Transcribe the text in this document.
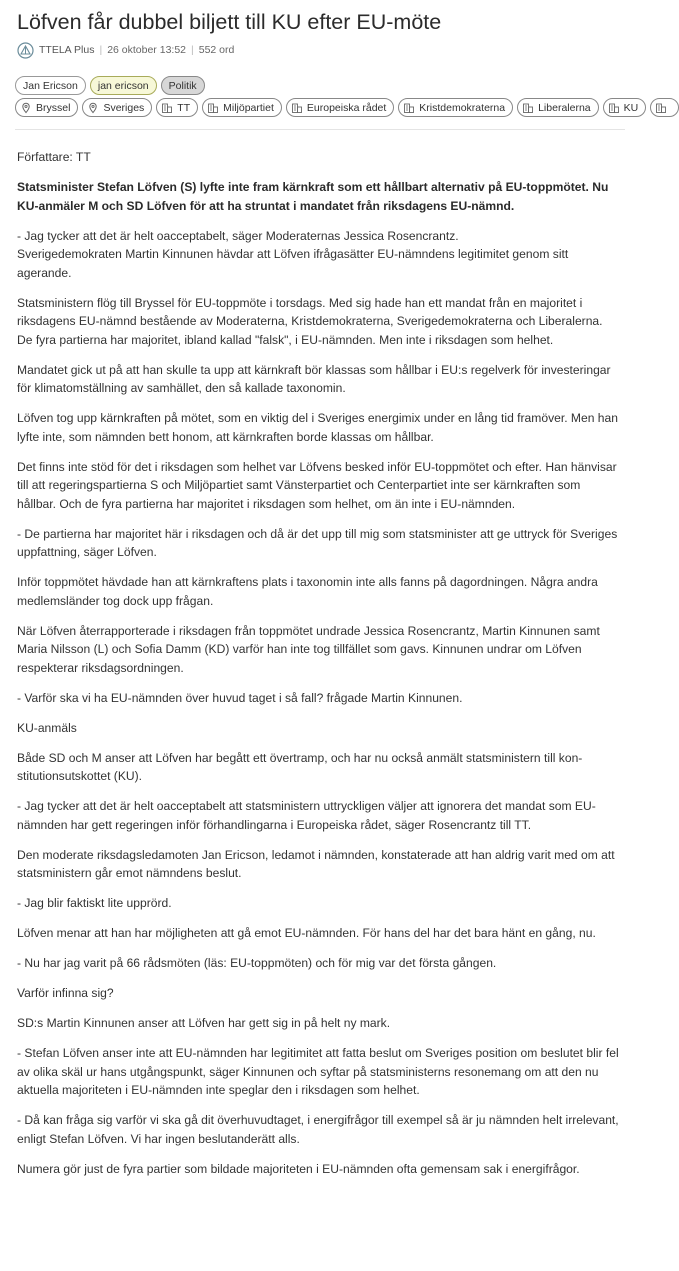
Löfven får dubbel biljett till KU efter EU-möte
TTELA Plus | 26 oktober 13:52 | 552 ord
Jan Ericson jan ericson Politik
Bryssel	Sveriges	TT	Miljöpartiet	Europeiska rådet	Kristdemokraterna	Liberalerna	KU
Författare: TT

Statsminister Stefan Löfven (S) lyfte inte fram kärnkraft som ett hållbart alternativ på EU-toppmötet. Nu KU-anmäler M och SD Löfven för att ha struntat i mandatet från riksdagens EU-nämnd.

- Jag tycker att det är helt oacceptabelt, säger Moderaternas Jessica Rosencrantz.
Sverigedemokraten Martin Kinnunen hävdar att Löfven ifrågasätter EU-nämndens legitimitet genom sitt agerande.

Statsministern flög till Bryssel för EU-toppmöte i torsdags. Med sig hade han ett mandat från en majoritet i riksdagens EU-nämnd bestående av Moderaterna, Kristdemokraterna, Sverigedemokraterna och Liberalerna. De fyra partierna har majoritet, ibland kallad "falsk", i EU-nämnden. Men inte i riksdagen som helhet.

Mandatet gick ut på att han skulle ta upp att kärnkraft bör klassas som hållbar i EU:s regelverk för investeringar för klimatomställning av samhället, den så kallade taxonomin.

Löfven tog upp kärnkraften på mötet, som en viktig del i Sveriges energimix under en lång tid framöver. Men han lyfte inte, som nämnden bett honom, att kärnkraften borde klassas om hållbar.

Det finns inte stöd för det i riksdagen som helhet var Löfvens besked inför EU-toppmötet och efter. Han hänvisar till att regeringspartierna S och Miljöpartiet samt Vänsterpartiet och Centerpartiet inte ser kärnkraften som hållbar. Och de fyra partierna har majoritet i riksdagen som helhet, om än inte i EU-nämnden.

- De partierna har majoritet här i riksdagen och då är det upp till mig som statsminister att ge uttryck för Sveriges uppfattning, säger Löfven.

Inför toppmötet hävdade han att kärnkraftens plats i taxonomin inte alls fanns på dagordningen. Några andra medlemsländer tog dock upp frågan.

När Löfven återrapporterade i riksdagen från toppmötet undrade Jessica Rosencrantz, Martin Kinnunen samt Maria Nilsson (L) och Sofia Damm (KD) varför han inte tog tillfället som gavs. Kinnunen undrar om Löfven respekterar riksdagsordningen.

- Varför ska vi ha EU-nämnden över huvud taget i så fall? frågade Martin Kinnunen.

KU-anmäls

Både SD och M anser att Löfven har begått ett övertramp, och har nu också anmält statsministern till konstitutionsutskottet (KU).

- Jag tycker att det är helt oacceptabelt att statsministern uttryckligen väljer att ignorera det mandat som EU-nämnden har gett regeringen inför förhandlingarna i Europeiska rådet, säger Rosencrantz till TT.

Den moderate riksdagsledamoten Jan Ericson, ledamot i nämnden, konstaterade att han aldrig varit med om att statsministern går emot nämndens beslut.

- Jag blir faktiskt lite upprörd.

Löfven menar att han har möjligheten att gå emot EU-nämnden. För hans del har det bara hänt en gång, nu.

- Nu har jag varit på 66 rådsmöten (läs: EU-toppmöten) och för mig var det första gången.

Varför infinna sig?

SD:s Martin Kinnunen anser att Löfven har gett sig in på helt ny mark.

- Stefan Löfven anser inte att EU-nämnden har legitimitet att fatta beslut om Sveriges position om beslutet blir fel av olika skäl ur hans utgångspunkt, säger Kinnunen och syftar på statsministerns resonemang om att den nu aktuella majoriteten i EU-nämnden inte speglar den i riksdagen som helhet.

- Då kan fråga sig varför vi ska gå dit överhuvudtaget, i energifrågor till exempel så är ju nämnden helt irrelevant, enligt Stefan Löfven. Vi har ingen beslutanderätt alls.

Numera gör just de fyra partier som bildade majoriteten i EU-nämnden ofta gemensam sak i energifrågor.
